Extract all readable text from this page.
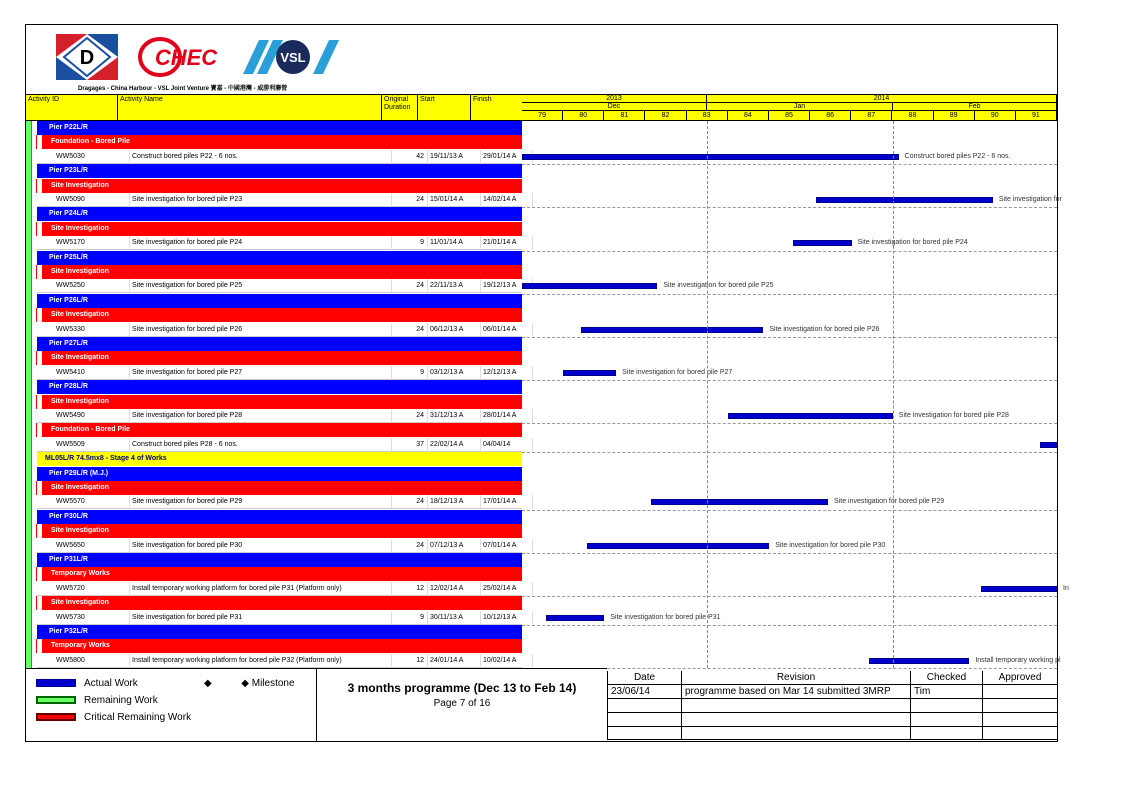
D	CHEC	VSL
Dragages - China Harbour - VSL Joint Venture 寶嘉 - 中國港灣 - 威勝利聯營
Activity ID	Activity Name	Original Duration
Start	Finish	2013	2014
Dec	Jan	Feb
79	80	81	82	83	84	85	86	87	88	89	90	91
Pier P22L/R
Foundation - Bored Pile
WW5030	Construct bored piles P22 - 6 nos.	42 19/11/13 A	29/01/14 A	Construct bored piles P22 - 6 nos.
Pier P23L/R
Site Investigation
WW5090	Site investigation for bored pile P23	24 15/01/14 A	14/02/14 A	Site investigation for
Pier P24L/R
Site Investigation
WW5170	Site investigation for bored pile P24	9 11/01/14 A	21/01/14 A	Site investigation for bored pile P24
Pier P25L/R
Site Investigation
WW5250	Site investigation for bored pile P25	24 22/11/13 A	19/12/13 A	Site investigation for bored pile P25
Pier P26L/R
Site Investigation
WW5330	Site investigation for bored pile P26	24 06/12/13 A	06/01/14 A	Site investigation for bored pile P26
Pier P27L/R
Site Investigation
WW5410	Site investigation for bored pile P27	9 03/12/13 A	12/12/13 A	Site investigation for bored pile P27
Pier P28L/R
Site Investigation
WW5490	Site investigation for bored pile P28	24 31/12/13 A	28/01/14 A	Site investigation for bored pile P28
Foundation - Bored Pile
WW5509	Construct bored piles P28 - 6 nos.	37 22/02/14 A	04/04/14
ML05L/R 74.5mx8 - Stage 4 of Works
Pier P29L/R (M.J.)
Site Investigation
WW5570	Site investigation for bored pile P29	24 18/12/13 A	17/01/14 A	Site investigation for bored pile P29
Pier P30L/R
Site Investigation
WW5650	Site investigation for bored pile P30	24 07/12/13 A	07/01/14 A	Site investigation for bored pile P30
Pier P31L/R
Temporary Works
WW5720	Install temporary working platform for bored pile P31 (Platform only)	12 12/02/14 A	25/02/14 A	In
Site Investigation
WW5730	Site investigation for bored pile P31	9 30/11/13 A	10/12/13 A	Site investigation for bored pile P31
Pier P32L/R
Temporary Works
WW5800	Install temporary working platform for bored pile P32 (Platform only)	12 24/01/14 A	10/02/14 A	Install temporary working pl
Actual Work
Remaining Work
Critical Remaining Work
◆	◆ Milestone	3 months programme (Dec 13 to Feb 14)
Page 7 of 16
Date	Revision	Checked	Approved
23/06/14	programme based on Mar 14 submitted 3MRP	Tim
